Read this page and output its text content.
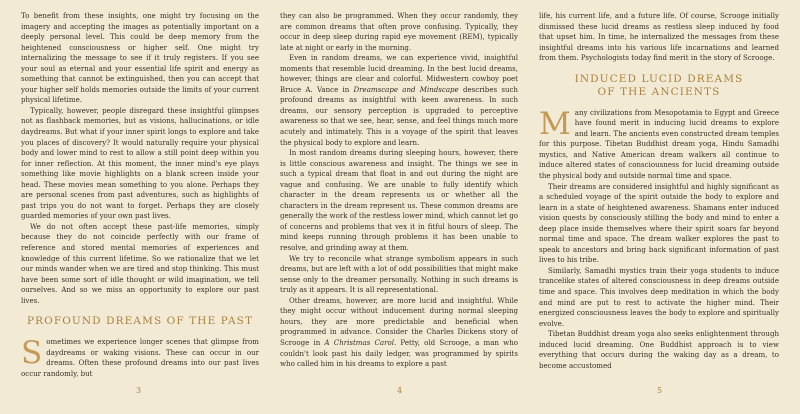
To benefit from these insights, one might try focusing on the imagery and accepting the images as potentially important on a deeply personal level. This could be deep memory from the heightened consciousness or higher self. One might try internalizing the message to see if it truly registers. If you see your soul as eternal and your essential life spirit and energy as something that cannot be extinguished, then you can accept that your higher self holds memories outside the limits of your current physical lifetime.

Typically, however, people disregard these insightful glimpses not as flashback memories, but as visions, hallucinations, or idle daydreams. But what if your inner spirit longs to explore and take you places of discovery? It would naturally require your physical body and lower mind to rest to allow a still point deep within you for inner reflection. At this moment, the inner mind's eye plays something like movie highlights on a blank screen inside your head. These movies mean something to you alone. Perhaps they are personal scenes from past adventures, such as highlights of past trips you do not want to forget. Perhaps they are closely guarded memories of your own past lives.

We do not often accept these past-life memories, simply because they do not coincide perfectly with our frame of reference and stored mental memories of experiences and knowledge of this current lifetime. So we rationalize that we let our minds wander when we are tired and stop thinking. This must have been some sort of idle thought or wild imagination, we tell ourselves. And so we miss an opportunity to explore our past lives.

PROFOUND DREAMS OF THE PAST

Sometimes we experience longer scenes that glimpse from daydreams or waking visions. These can occur in our dreams. Often these profound dreams into our past lives occur randomly, but

3

they can also be programmed. When they occur randomly, they are common dreams that often prove confusing. Typically, they occur in deep sleep during rapid eye movement (REM), typically late at night or early in the morning.

Even in random dreams, we can experience vivid, insightful moments that resemble lucid dreaming. In the best lucid dreams, however, things are clear and colorful. Midwestern cowboy poet Bruce A. Vance in Dreamscape and Mindscape describes such profound dreams as insightful with keen awareness. In such dreams, our sensory perception is upgraded to perceptive awareness so that we see, hear, sense, and feel things much more acutely and intimately. This is a voyage of the spirit that leaves the physical body to explore and learn.

In most random dreams during sleeping hours, however, there is little conscious awareness and insight. The things we see in such a typical dream that float in and out during the night are vague and confusing. We are unable to fully identify which character in the dream represents us or whether all the characters in the dream represent us. These common dreams are generally the work of the restless lower mind, which cannot let go of concerns and problems that vex it in fitful hours of sleep. The mind keeps running through problems it has been unable to resolve, and grinding away at them.

We try to reconcile what strange symbolism appears in such dreams, but are left with a lot of odd possibilities that might make sense only to the dreamer personally. Nothing in such dreams is truly as it appears. It is all representational.

Other dreams, however, are more lucid and insightful. While they might occur without inducement during normal sleeping hours, they are more predictable and beneficial when programmed in advance. Consider the Charles Dickens story of Scrooge in A Christmas Carol. Petty, old Scrooge, a man who couldn't look past his daily ledger, was programmed by spirits who called him in his dreams to explore a past

4

life, his current life, and a future life. Of course, Scrooge initially dismissed these lucid dreams as restless sleep induced by food that upset him. In time, he internalized the messages from these insightful dreams into his various life incarnations and learned from them. Psychologists today find merit in the story of Scrooge.

INDUCED LUCID DREAMS
OF THE ANCIENTS

Many civilizations from Mesopotamia to Egypt and Greece have found merit in inducing lucid dreams to explore and learn. The ancients even constructed dream temples for this purpose. Tibetan Buddhist dream yoga, Hindu Samadhi mystics, and Native American dream walkers all continue to induce altered states of consciousness for lucid dreaming outside the physical body and outside normal time and space.

Their dreams are considered insightful and highly significant as a scheduled voyage of the spirit outside the body to explore and learn in a state of heightened awareness. Shamans enter induced vision quests by consciously stilling the body and mind to enter a deep place inside themselves where their spirit soars far beyond normal time and space. The dream walker explores the past to speak to ancestors and bring back significant information of past lives to his tribe.

Similarly, Samadhi mystics train their yoga students to induce trancelike states of altered consciousness in deep dreams outside time and space. This involves deep meditation in which the body and mind are put to rest to activate the higher mind. Their energized consciousness leaves the body to explore and spiritually evolve.

Tibetan Buddhist dream yoga also seeks enlightenment through induced lucid dreaming. One Buddhist approach is to view everything that occurs during the waking day as a dream, to become accustomed

5
